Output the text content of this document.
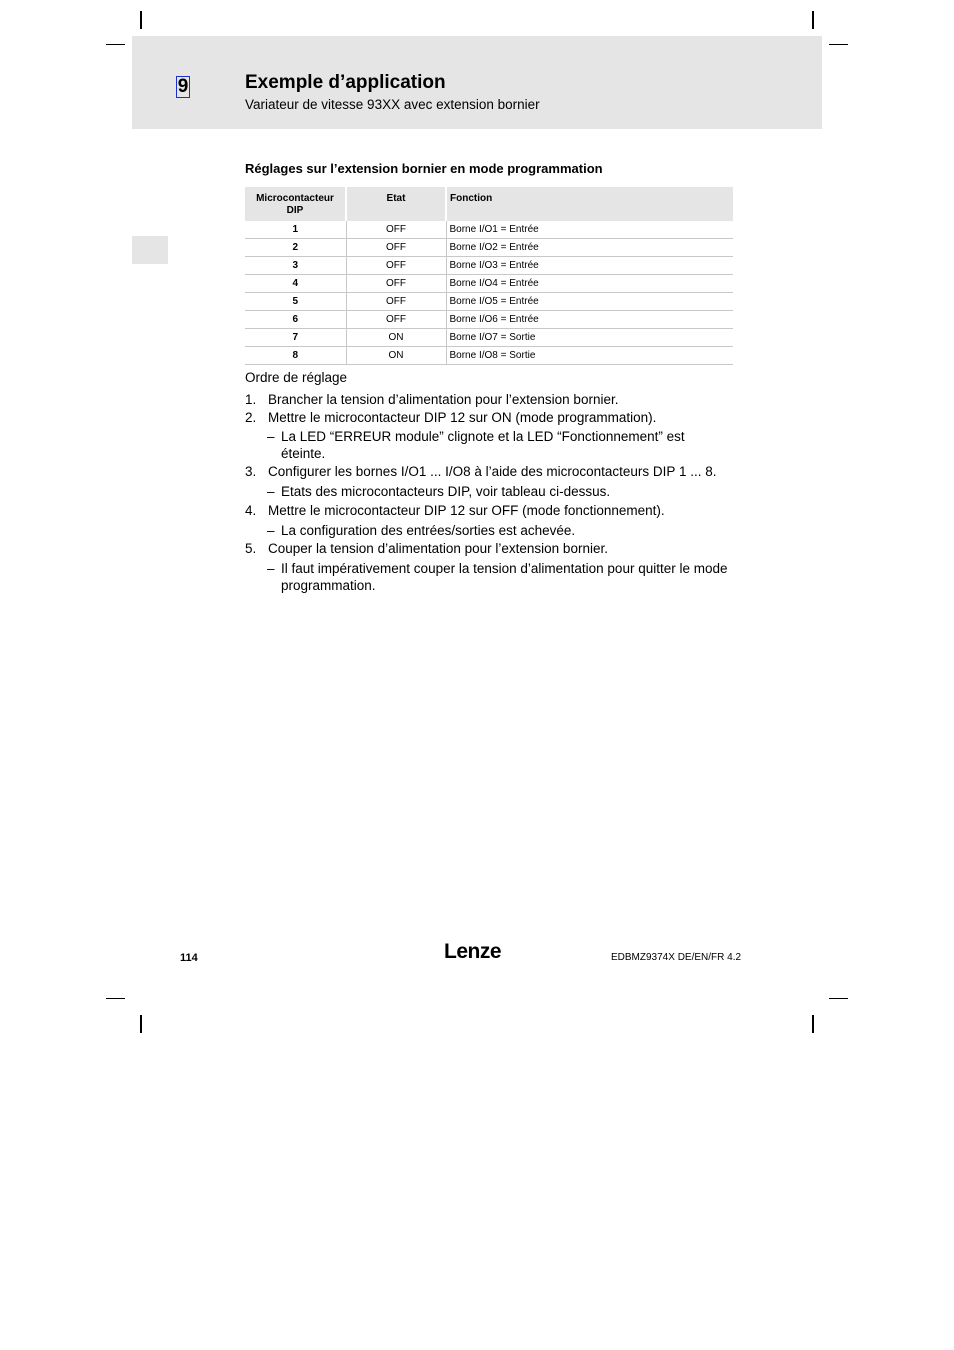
9	Exemple d’application
Variateur de vitesse 93XX avec extension bornier
Réglages sur l’extension bornier en mode programmation
Microcontacteur DIP	Etat	Fonction
1	OFF	Borne I/O1 = Entrée
2	OFF	Borne I/O2 = Entrée
3	OFF	Borne I/O3 = Entrée
4	OFF	Borne I/O4 = Entrée
5	OFF	Borne I/O5 = Entrée
6	OFF	Borne I/O6 = Entrée
7	ON	Borne I/O7 = Sortie
8	ON	Borne I/O8 = Sortie
Ordre de réglage
1. Brancher la tension d’alimentation pour l’extension bornier.
2. Mettre le microcontacteur DIP 12 sur ON (mode programmation).
– La LED “ERREUR module” clignote et la LED “Fonctionnement” est éteinte.
3. Configurer les bornes I/O1 ... I/O8 à l’aide des microcontacteurs DIP 1 ... 8.
– Etats des microcontacteurs DIP, voir tableau ci-dessus.
4. Mettre le microcontacteur DIP 12 sur OFF (mode fonctionnement).
– La configuration des entrées/sorties est achevée.
5. Couper la tension d’alimentation pour l’extension bornier.
– Il faut impérativement couper la tension d’alimentation pour quitter le mode programmation.
114	Lenze	EDBMZ9374X DE/EN/FR 4.2
